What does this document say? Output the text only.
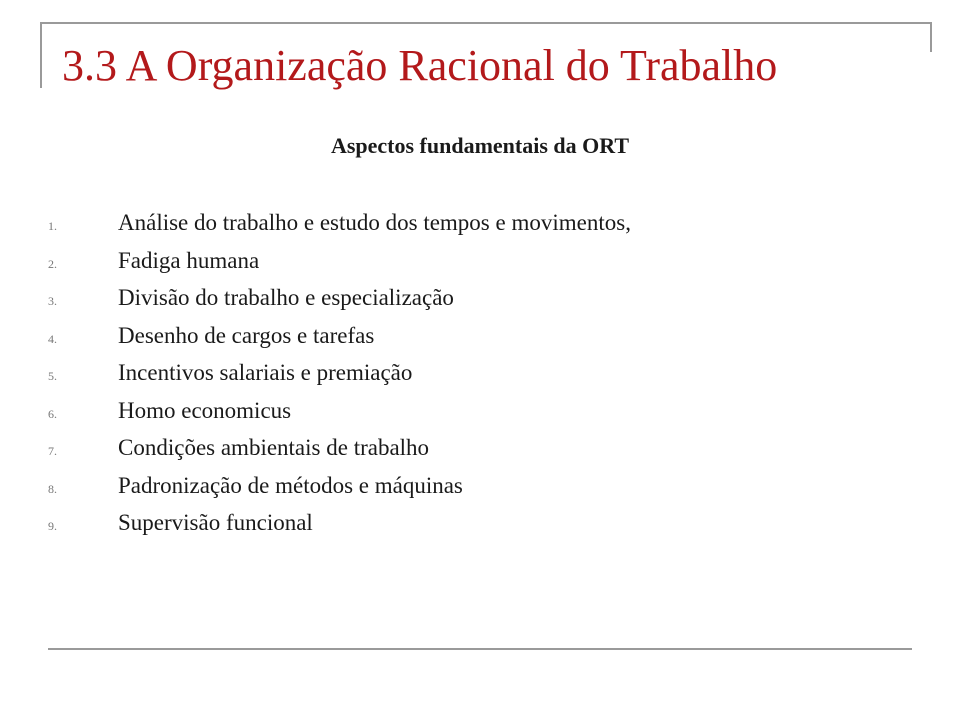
3.3 A Organização Racional do Trabalho
Aspectos fundamentais da ORT
1.	Análise do trabalho e estudo dos tempos e movimentos,
2.	Fadiga humana
3.	Divisão do trabalho e especialização
4.	Desenho de cargos e tarefas
5.	Incentivos salariais e premiação
6.	Homo economicus
7.	Condições ambientais de trabalho
8.	Padronização de métodos e máquinas
9.	Supervisão funcional
